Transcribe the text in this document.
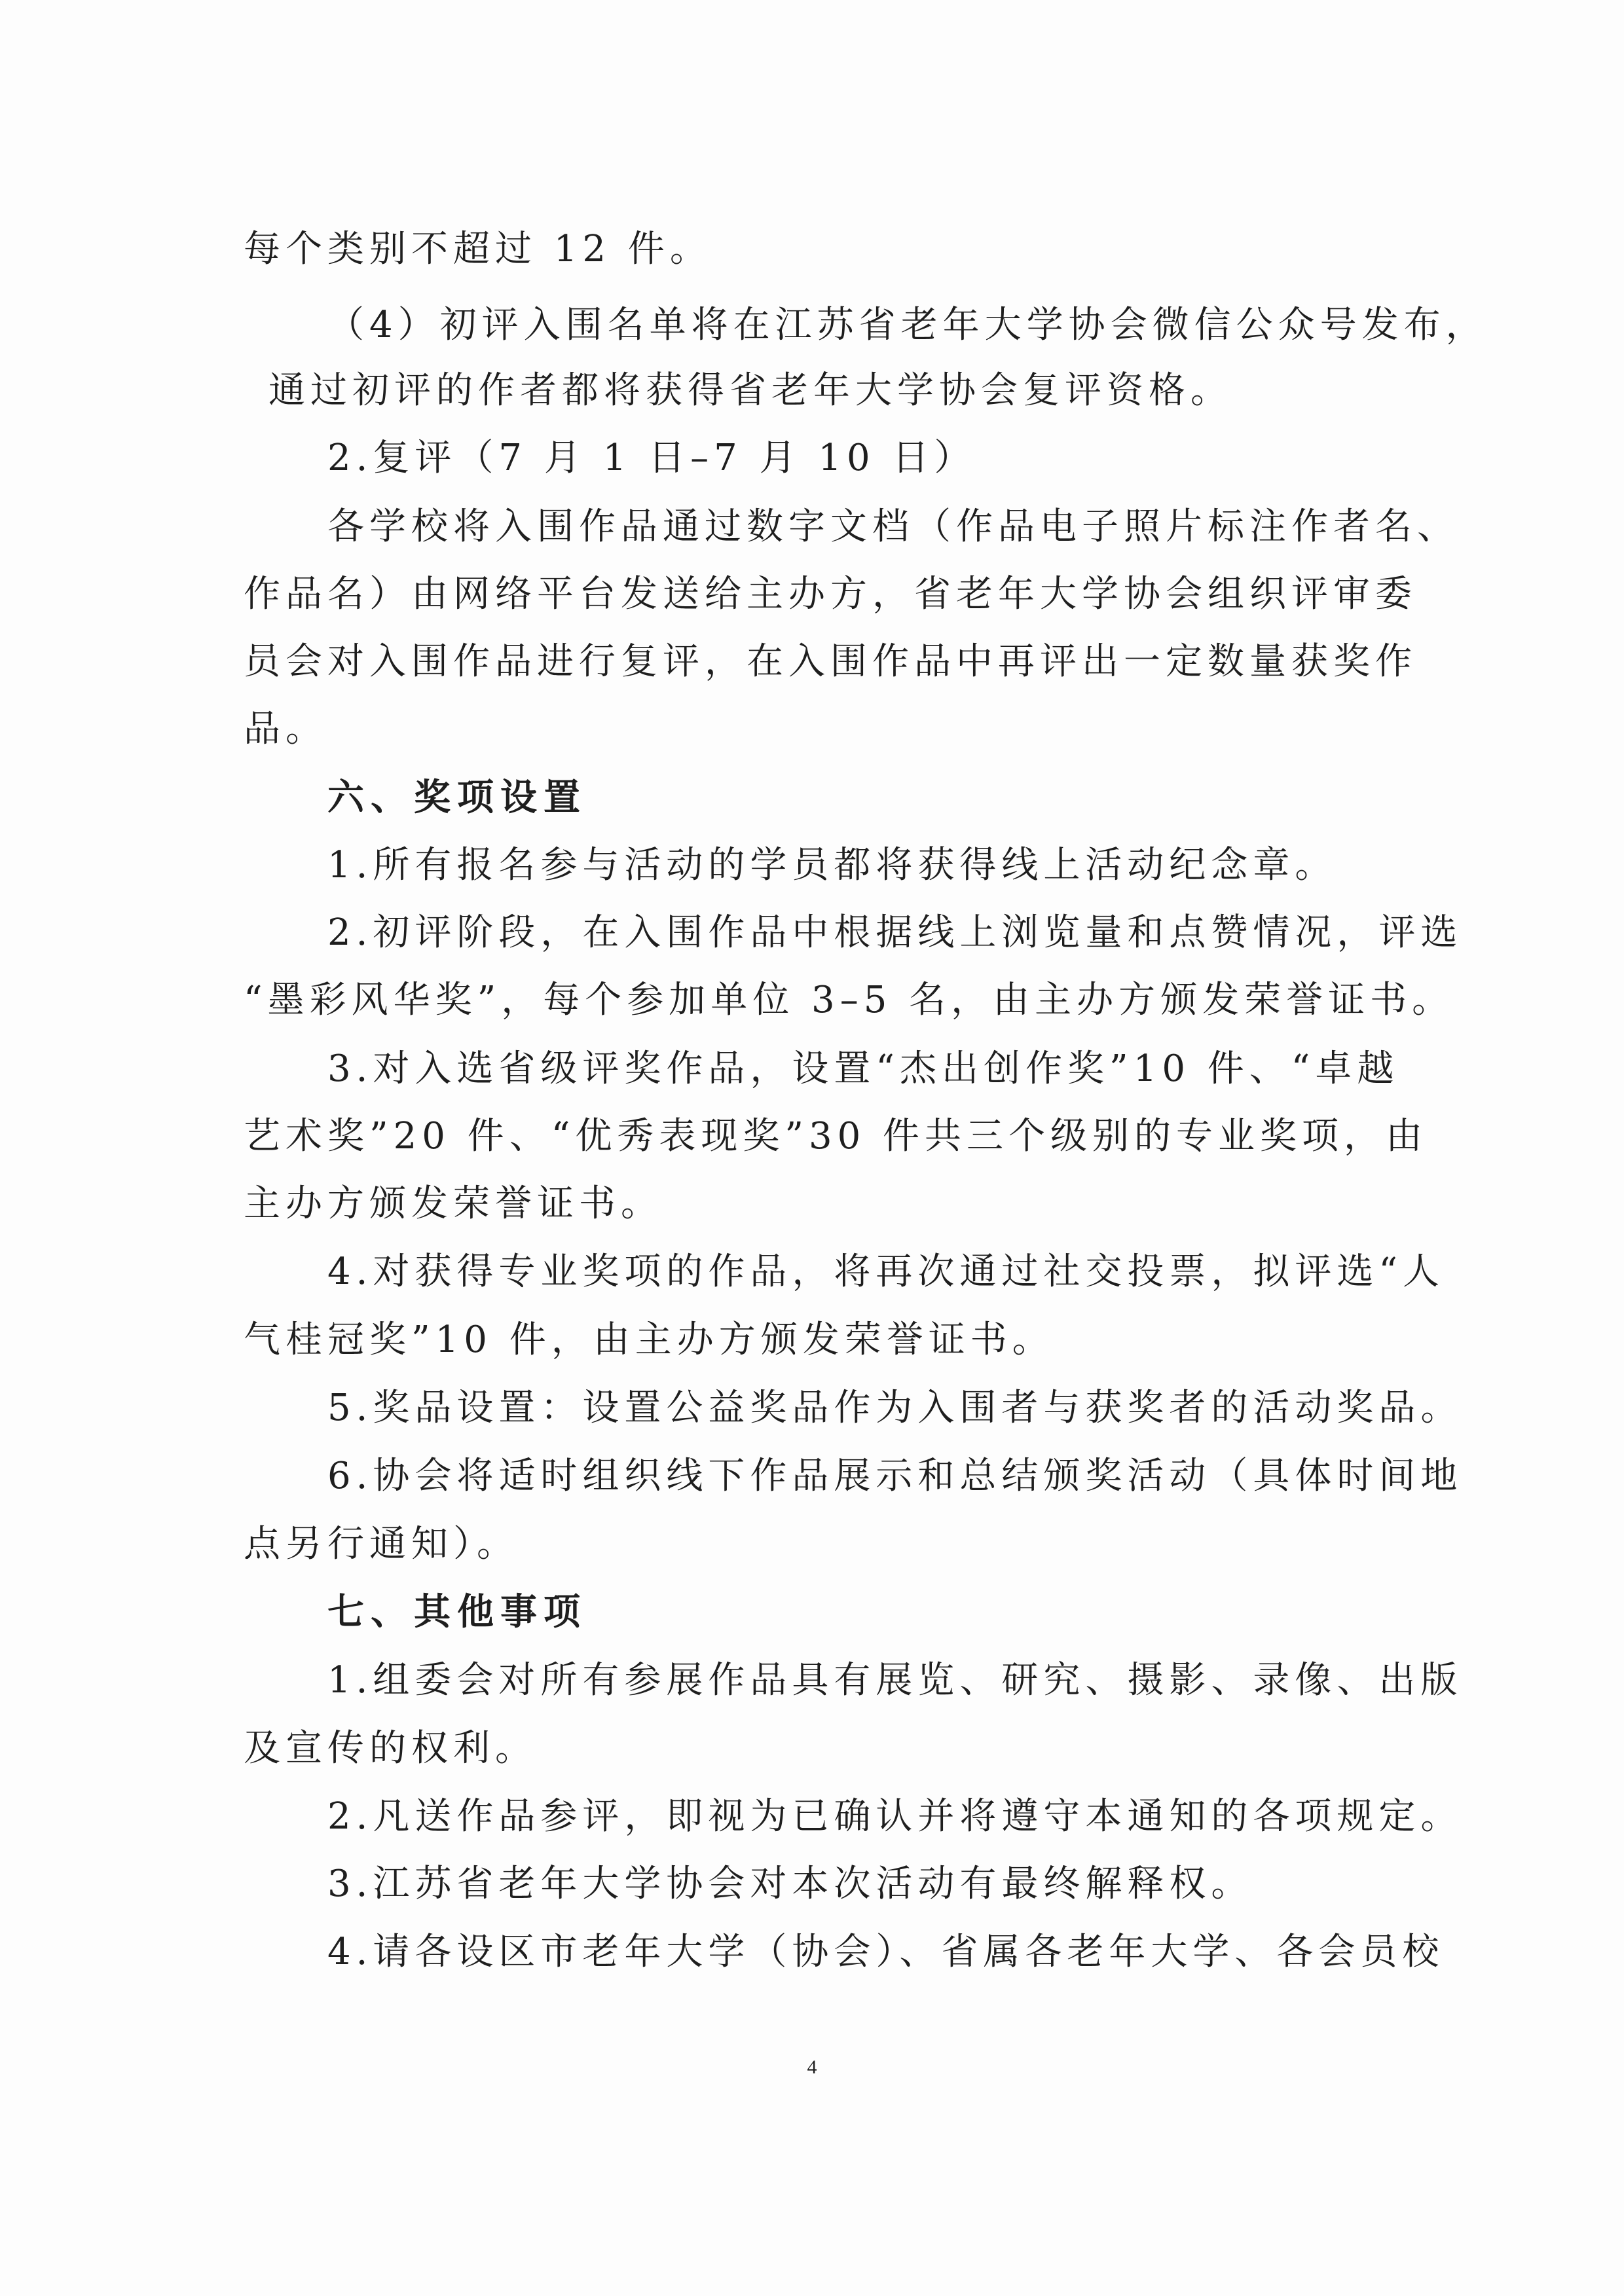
每个类别不超过 12 件。
（4）初评入围名单将在江苏省老年大学协会微信公众号发布，
通过初评的作者都将获得省老年大学协会复评资格。
2.复评（7 月 1 日–7 月 10 日）
各学校将入围作品通过数字文档（作品电子照片标注作者名、
作品名）由网络平台发送给主办方，省老年大学协会组织评审委
员会对入围作品进行复评，在入围作品中再评出一定数量获奖作
品。
六、奖项设置
1.所有报名参与活动的学员都将获得线上活动纪念章。
2.初评阶段，在入围作品中根据线上浏览量和点赞情况，评选
“墨彩风华奖”，每个参加单位 3–5 名，由主办方颁发荣誉证书。
3.对入选省级评奖作品，设置“杰出创作奖”10 件、“卓越
艺术奖”20 件、“优秀表现奖”30 件共三个级别的专业奖项，由
主办方颁发荣誉证书。
4.对获得专业奖项的作品，将再次通过社交投票，拟评选“人
气桂冠奖”10 件，由主办方颁发荣誉证书。
5.奖品设置：设置公益奖品作为入围者与获奖者的活动奖品。
6.协会将适时组织线下作品展示和总结颁奖活动（具体时间地
点另行通知）。
七、其他事项
1.组委会对所有参展作品具有展览、研究、摄影、录像、出版
及宣传的权利。
2.凡送作品参评，即视为已确认并将遵守本通知的各项规定。
3.江苏省老年大学协会对本次活动有最终解释权。
4.请各设区市老年大学（协会）、省属各老年大学、各会员校
4
